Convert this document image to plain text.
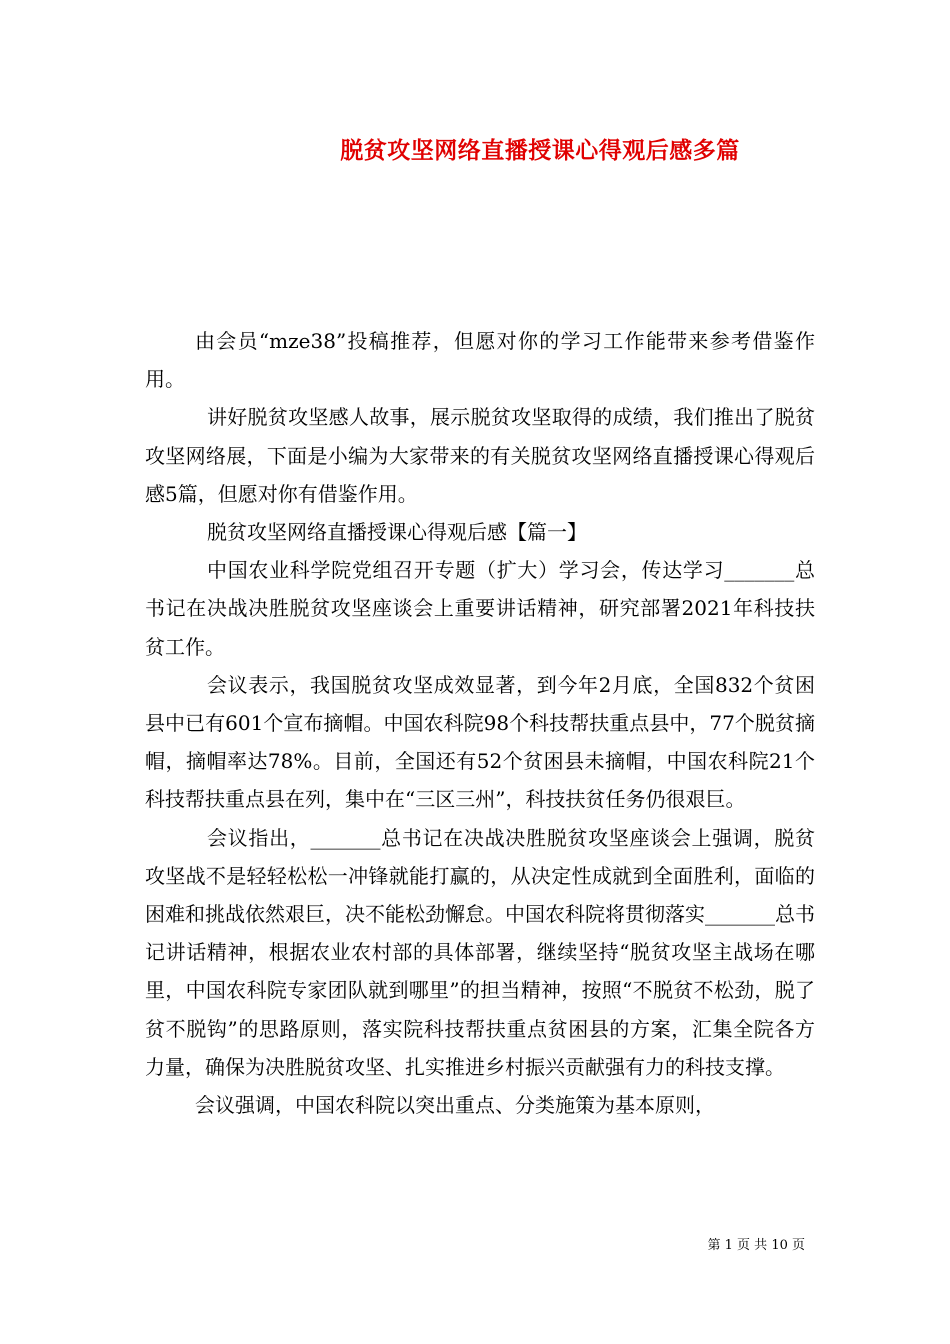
脱贫攻坚网络直播授课心得观后感多篇

由会员“mze38”投稿推荐，但愿对你的学习工作能带来参考借鉴作用。

讲好脱贫攻坚感人故事，展示脱贫攻坚取得的成绩，我们推出了脱贫攻坚网络展，下面是小编为大家带来的有关脱贫攻坚网络直播授课心得观后感5篇，但愿对你有借鉴作用。

脱贫攻坚网络直播授课心得观后感【篇一】

中国农业科学院党组召开专题（扩大）学习会，传达学习_______总书记在决战决胜脱贫攻坚座谈会上重要讲话精神，研究部署2021年科技扶贫工作。

会议表示，我国脱贫攻坚成效显著，到今年2月底，全国832个贫困县中已有601个宣布摘帽。中国农科院98个科技帮扶重点县中，77个脱贫摘帽，摘帽率达78%。目前，全国还有52个贫困县未摘帽，中国农科院21个科技帮扶重点县在列，集中在“三区三州”，科技扶贫任务仍很艰巨。

会议指出，_______总书记在决战决胜脱贫攻坚座谈会上强调，脱贫攻坚战不是轻轻松松一冲锋就能打赢的，从决定性成就到全面胜利，面临的困难和挑战依然艰巨，决不能松劲懈怠。中国农科院将贯彻落实_______总书记讲话精神，根据农业农村部的具体部署，继续坚持“脱贫攻坚主战场在哪里，中国农科院专家团队就到哪里”的担当精神，按照“不脱贫不松劲，脱了贫不脱钩”的思路原则，落实院科技帮扶重点贫困县的方案，汇集全院各方力量，确保为决胜脱贫攻坚、扎实推进乡村振兴贡献强有力的科技支撑。

会议强调，中国农科院以突出重点、分类施策为基本原则，

第 1 页 共 10 页
